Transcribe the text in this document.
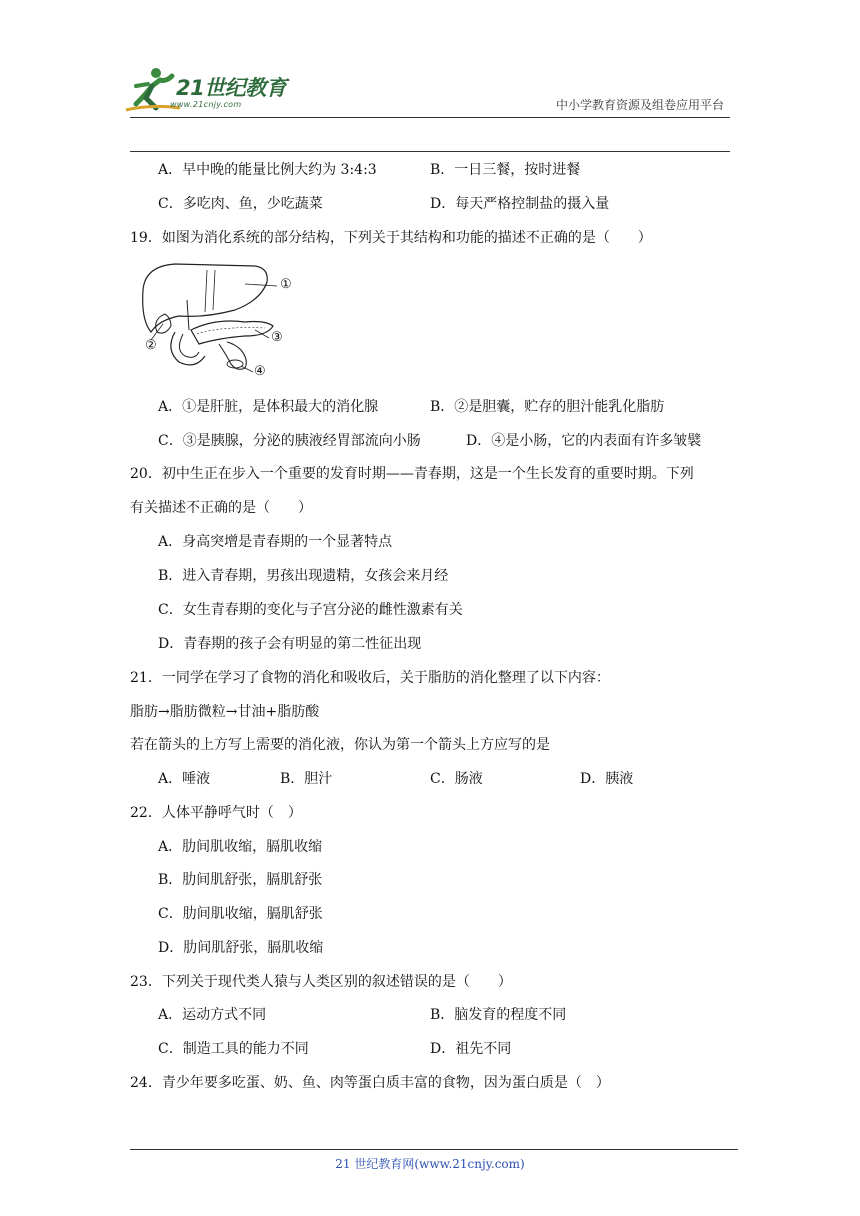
21世纪教育
www.21cnjy.com	中小学教育资源及组卷应用平台
A．早中晚的能量比例大约为 3:4:3	B．一日三餐，按时进餐
C．多吃肉、鱼，少吃蔬菜	D．每天严格控制盐的摄入量
19．如图为消化系统的部分结构，下列关于其结构和功能的描述不正确的是（　　）
①
②
③
④
A．①是肝脏，是体积最大的消化腺	B．②是胆囊，贮存的胆汁能乳化脂肪
C．③是胰腺，分泌的胰液经胃部流向小肠	D．④是小肠，它的内表面有许多皱襞
20．初中生正在步入一个重要的发育时期——青春期，这是一个生长发育的重要时期。下列
有关描述不正确的是（　　）
A．身高突增是青春期的一个显著特点
B．进入青春期，男孩出现遗精，女孩会来月经
C．女生青春期的变化与子宫分泌的雌性激素有关
D．青春期的孩子会有明显的第二性征出现
21．一同学在学习了食物的消化和吸收后，关于脂肪的消化整理了以下内容：
脂肪→脂肪微粒→甘油+脂肪酸
若在箭头的上方写上需要的消化液，你认为第一个箭头上方应写的是
A．唾液	B．胆汁	C．肠液	D．胰液
22．人体平静呼气时（　）
A．肋间肌收缩，膈肌收缩
B．肋间肌舒张，膈肌舒张
C．肋间肌收缩，膈肌舒张
D．肋间肌舒张，膈肌收缩
23．下列关于现代类人猿与人类区别的叙述错误的是（　　）
A．运动方式不同	B．脑发育的程度不同
C．制造工具的能力不同	D．祖先不同
24．青少年要多吃蛋、奶、鱼、肉等蛋白质丰富的食物，因为蛋白质是（　）
21 世纪教育网(www.21cnjy.com)
